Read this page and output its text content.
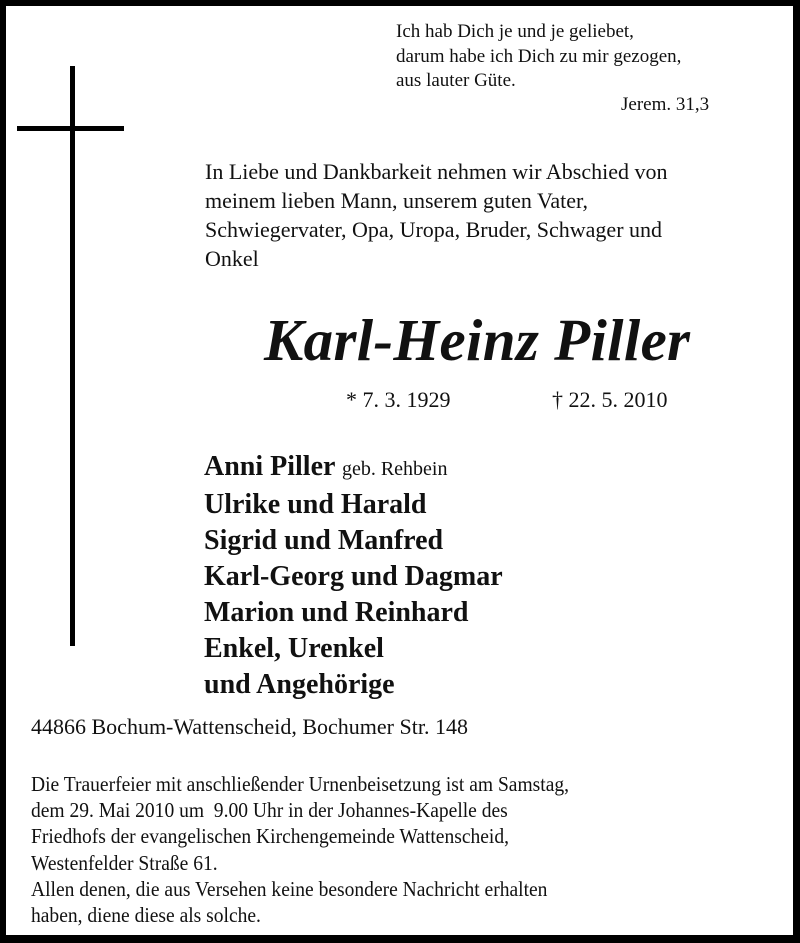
Ich hab Dich je und je geliebet,
darum habe ich Dich zu mir gezogen,
aus lauter Güte.
Jerem. 31,3
In Liebe und Dankbarkeit nehmen wir Abschied von
meinem lieben Mann, unserem guten Vater,
Schwiegervater, Opa, Uropa, Bruder, Schwager und
Onkel
Karl-Heinz Piller
* 7. 3. 1929	† 22. 5. 2010
Anni Piller geb. Rehbein
Ulrike und Harald
Sigrid und Manfred
Karl-Georg und Dagmar
Marion und Reinhard
Enkel, Urenkel
und Angehörige
44866 Bochum-Wattenscheid, Bochumer Str. 148
Die Trauerfeier mit anschließender Urnenbeisetzung ist am Samstag,
dem 29. Mai 2010 um  9.00 Uhr in der Johannes-Kapelle des
Friedhofs der evangelischen Kirchengemeinde Wattenscheid,
Westenfelder Straße 61.
Allen denen, die aus Versehen keine besondere Nachricht erhalten
haben, diene diese als solche.
